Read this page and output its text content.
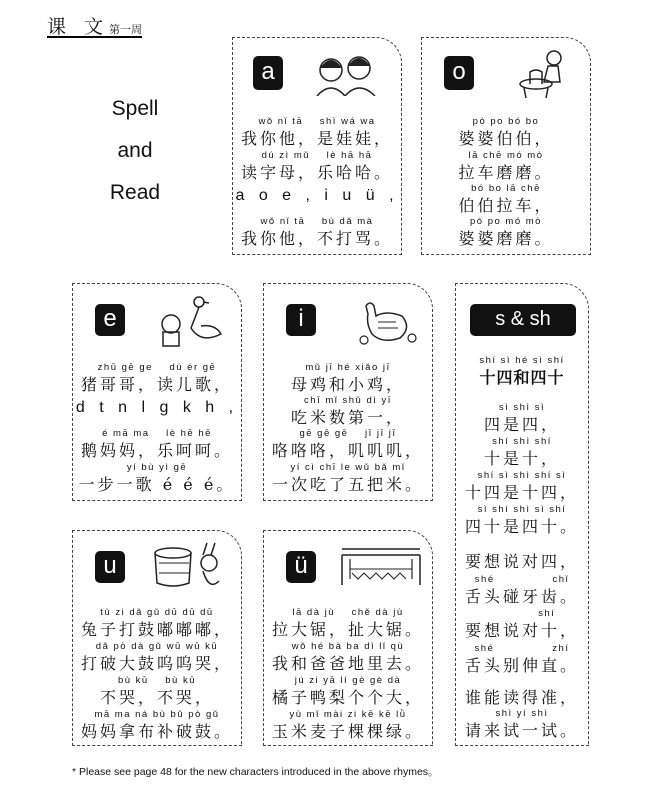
课 文第一周
Spell
and
Read
a
wǒ nǐ tā    shì wá wa
我你他，是娃娃，
dú zì mǔ    lè hā hā
读字母，乐哈哈。
a o e , i u ü ,
wǒ nǐ tā    bù dǎ mà
我你他，不打骂。
o
pó po bó bo
婆婆伯伯，
lā chē mó mò
拉车磨磨。
bó bo lā chē
伯伯拉车，
pó po mó mò
婆婆磨磨。
e
zhū gē ge    dú ér gē
猪哥哥，读儿歌，
d t n l g k h ,
é mā ma    lè hē hē
鹅妈妈，乐呵呵。
yí bù yì gē
一步一歌 é é é。
i
mǔ jī hé xiǎo jī
母鸡和小鸡，
chī mǐ shǔ dì yī
吃米数第一，
gē gē gē    jī jī jī
咯咯咯，叽叽叽，
yí cì chī le wǔ bǎ mǐ
一次吃了五把米。
u
tù zi dǎ gǔ dū dū dū
兔子打鼓嘟嘟嘟，
dǎ pò dà gǔ wū wū kū
打破大鼓呜呜哭，
bù kū    bù kū
不哭，不哭，
mā ma ná bù bǔ pò gǔ
妈妈拿布补破鼓。
ü
lā dà jù    chě dà jù
拉大锯，扯大锯。
wǒ hé bà ba dì lǐ qù
我和爸爸地里去。
jú zi yā lí gè gè dà
橘子鸭梨个个大，
yù mǐ mài zi kē kē lǜ
玉米麦子棵棵绿。
s & sh
shí sì hé sì shí
十四和四十
sì shì sì
四是四，
shí shì shí
十是十，
shí sì shì shí sì
十四是十四，
sì shí shì sì shí
四十是四十。
要想说对四，
shé              chǐ
舌头碰牙齿。
shí
要想说对十，
shé              zhí
舌头别伸直。
谁能读得准，
shì yí shì
请来试一试。
* Please see page 48 for the new characters introduced in the above rhymes。
